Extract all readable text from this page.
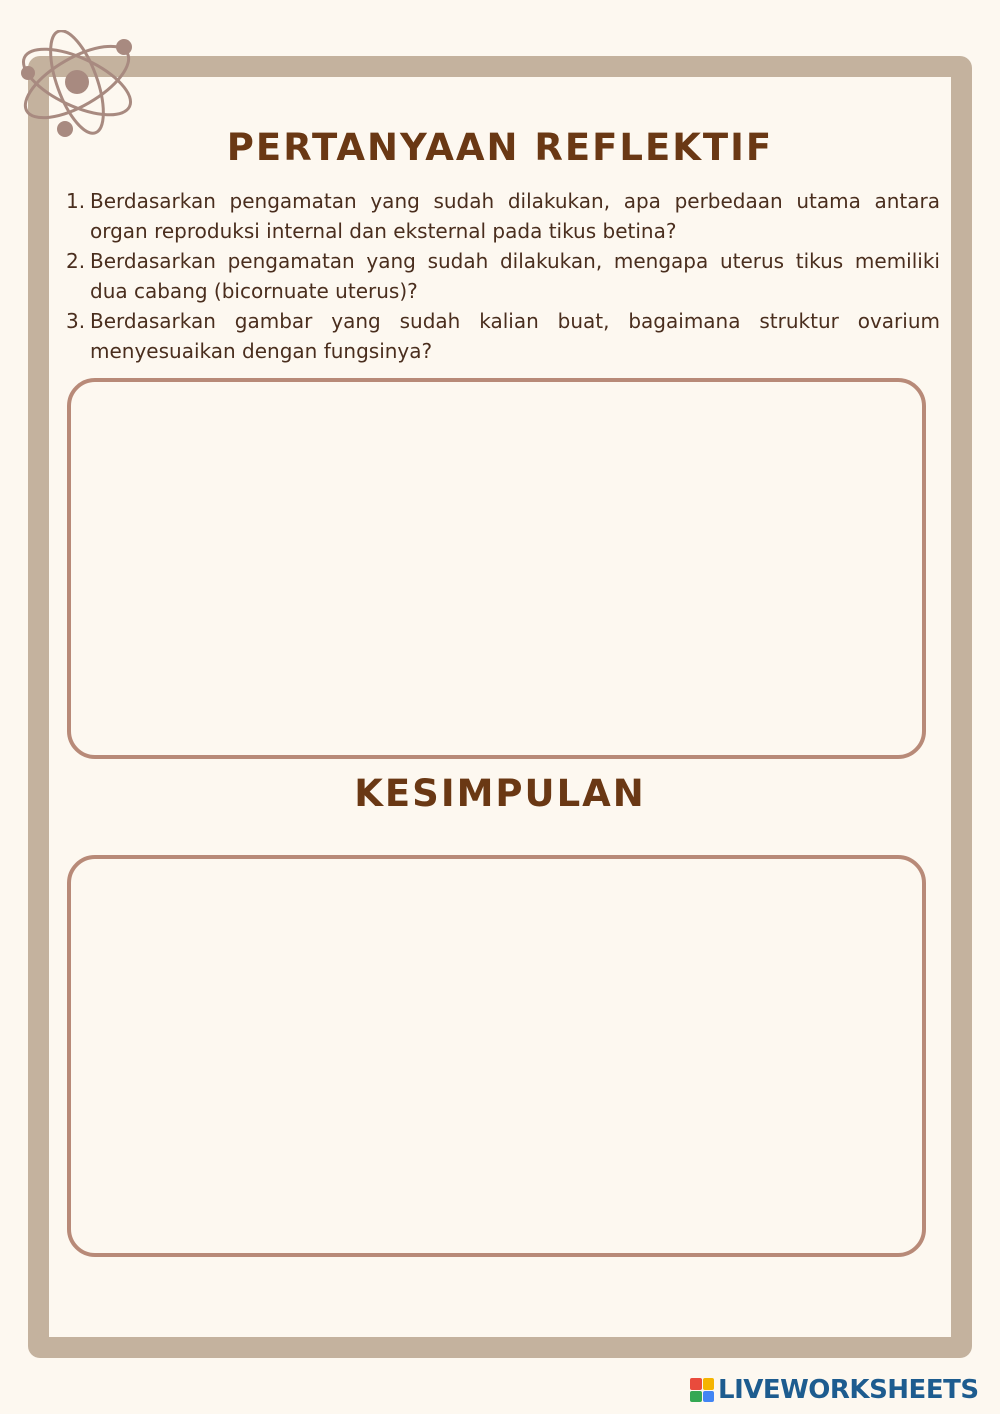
PERTANYAAN REFLEKTIF
1. Berdasarkan pengamatan yang sudah dilakukan, apa perbedaan utama antara organ reproduksi internal dan eksternal pada tikus betina?
2. Berdasarkan pengamatan yang sudah dilakukan, mengapa uterus tikus memiliki dua cabang (bicornuate uterus)?
3. Berdasarkan gambar yang sudah kalian buat, bagaimana struktur ovarium menyesuaikan dengan fungsinya?
KESIMPULAN
LIVEWORKSHEETS
